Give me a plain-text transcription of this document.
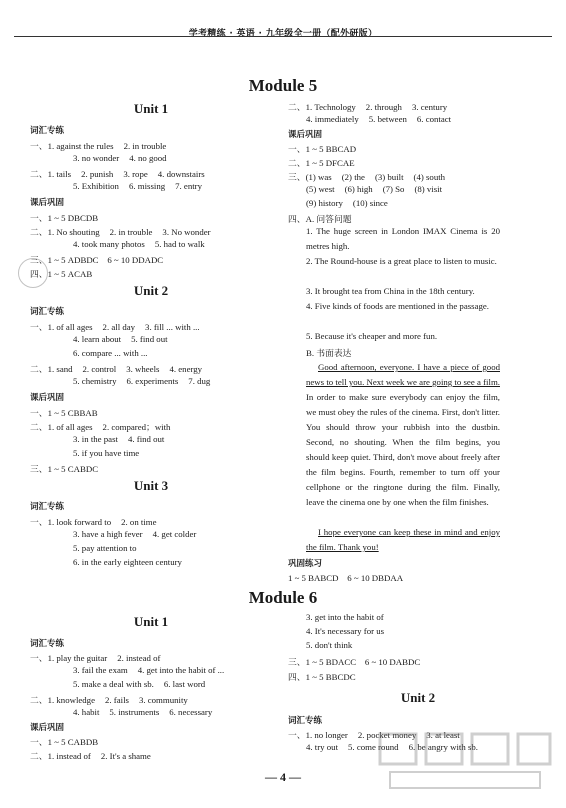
学考精练 · 英语 · 九年级全一册（配外研版）
Module 5
Unit 1
词汇专练
一、1. against the rules 2. in trouble
3. no wonder 4. no good
二、1. tails 2. punish 3. rope 4. downstairs
5. Exhibition 6. missing 7. entry
课后巩固
一、1 ~ 5 DBCDB
二、1. No shouting 2. in trouble 3. No wonder
4. took many photos 5. had to walk
三、1 ~ 5 ADBDC　6 ~ 10 DDADC
四、1 ~ 5 ACAB
Unit 2
词汇专练
一、1. of all ages 2. all day 3. fill ... with ...
4. learn about 5. find out
6. compare ... with ...
二、1. sand 2. control 3. wheels 4. energy
5. chemistry 6. experiments 7. dug
课后巩固
一、1 ~ 5 CBBAB
二、1. of all ages 2. compared；with
3. in the past 4. find out
5. if you have time
三、1 ~ 5 CABDC
Unit 3
词汇专练
一、1. look forward to 2. on time
3. have a high fever 4. get colder
5. pay attention to
6. in the early eighteen century
二、1. Technology 2. through 3. century
4. immediately 5. between 6. contact
课后巩固
一、1 ~ 5 BBCAD
二、1 ~ 5 DFCAE
三、(1) was (2) the (3) built (4) south
(5) west (6) high (7) So (8) visit
(9) history (10) since
四、A. 问答问题
1. The huge screen in London IMAX Cinema is 20 metres high.
2. The Round-house is a great place to listen to music.
3. It brought tea from China in the 18th century.
4. Five kinds of foods are mentioned in the passage.
5. Because it's cheaper and more fun.
B. 书面表达
Good afternoon, everyone. I have a piece of good news to tell you. Next week we are going to see a film. In order to make sure everybody can enjoy the film, we must obey the rules of the cinema. First, don't litter. You should throw your rubbish into the dustbin. Second, no shouting. When the film begins, you should keep quiet. Third, don't move about freely after the film begins. Fourth, remember to turn off your cellphone or the ringtone during the film. Finally, leave the cinema one by one when the film finishes.
I hope everyone can keep these in mind and enjoy the film. Thank you!
巩固练习
1 ~ 5 BABCD　6 ~ 10 DBDAA
Module 6
Unit 1
词汇专练
一、1. play the guitar 2. instead of
3. fail the exam 4. get into the habit of ...
5. make a deal with sb. 6. last word
二、1. knowledge 2. fails 3. community
4. habit 5. instruments 6. necessary
课后巩固
一、1 ~ 5 CABDB
二、1. instead of 2. It's a shame
3. get into the habit of
4. It's necessary for us
5. don't think
三、1 ~ 5 BDACC　6 ~ 10 DABDC
四、1 ~ 5 BBCDC
Unit 2
词汇专练
一、1. no longer 2. pocket money 3. at least
4. try out 5. come round 6. be angry with sb.
— 4 —
